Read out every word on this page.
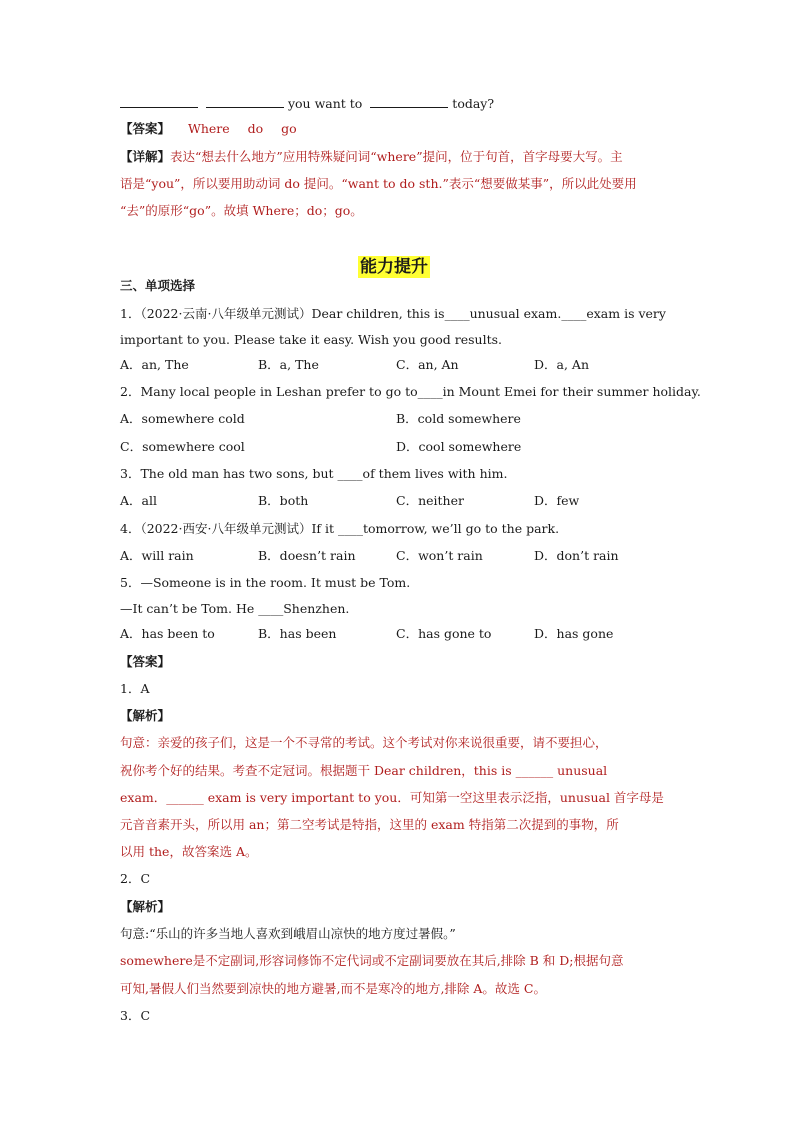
you want to	today?
【答案】 Where do go
【详解】表达“想去什么地方”应用特殊疑问词“where”提问，位于句首，首字母要大写。主
语是“you”，所以要用助动词 do 提问。“want to do sth.”表示“想要做某事”，所以此处要用
“去”的原形“go”。故填 Where；do；go。
能力提升
三、单项选择
1．（2022·云南·八年级单元测试）Dear children, this is____unusual exam.____exam is very
important to you. Please take it easy. Wish you good results.
A．an, The	B．a, The	C．an, An	D．a, An
2．Many local people in Leshan prefer to go to____in Mount Emei for their summer holiday.
A．somewhere cold	B．cold somewhere
C．somewhere cool	D．cool somewhere
3．The old man has two sons, but ____of them lives with him.
A．all	B．both	C．neither	D．few
4．（2022·西安·八年级单元测试）If it ____tomorrow, we’ll go to the park.
A．will rain	B．doesn’t rain	C．won’t rain	D．don’t rain
5．—Someone is in the room. It must be Tom.
—It can’t be Tom. He ____Shenzhen.
A．has been to	B．has been	C．has gone to	D．has gone
【答案】
1．A
【解析】
句意：亲爱的孩子们，这是一个不寻常的考试。这个考试对你来说很重要，请不要担心，
祝你考个好的结果。考查不定冠词。根据题干 Dear children，this is ______ unusual
exam．______ exam is very important to you．可知第一空这里表示泛指，unusual 首字母是
元音音素开头，所以用 an；第二空考试是特指，这里的 exam 特指第二次提到的事物，所
以用 the，故答案选 A。
2．C
【解析】
句意:“乐山的许多当地人喜欢到峨眉山凉快的地方度过暑假。”
somewhere是不定副词,形容词修饰不定代词或不定副词要放在其后,排除 B 和 D;根据句意
可知,暑假人们当然要到凉快的地方避暑,而不是寒冷的地方,排除 A。故选 C。
3．C
